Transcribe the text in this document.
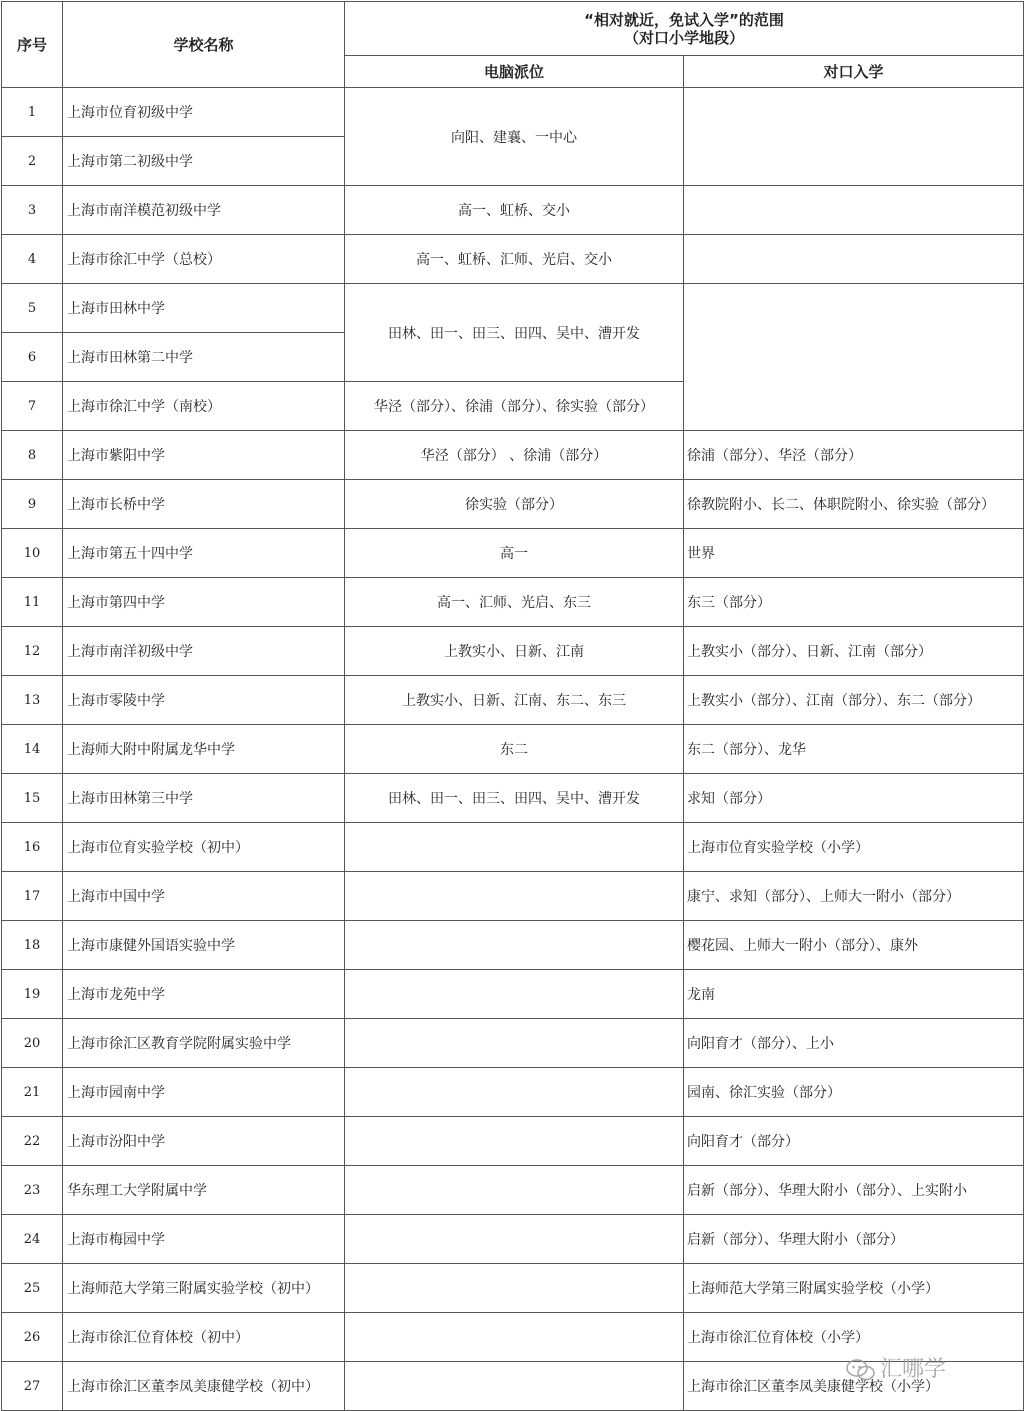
序号	学校名称	“相对就近，免试入学”的范围
（对口小学地段）	

		电脑派位	对口入学
1	上海市位育初级中学	向阳、建襄、一中心	
2	上海市第二初级中学		
3	上海市南洋模范初级中学	高一、虹桥、交小	
4	上海市徐汇中学（总校）	高一、虹桥、汇师、光启、交小	
5	上海市田林中学	田林、田一、田三、田四、吴中、漕开发	
6	上海市田林第二中学		
7	上海市徐汇中学（南校）	华泾（部分）、徐浦（部分）、徐实验（部分）	
8	上海市紫阳中学	华泾（部分） 、徐浦（部分）	徐浦（部分）、华泾（部分）
9	上海市长桥中学	徐实验（部分）	徐教院附小、长二、体职院附小、徐实验（部分）
10	上海市第五十四中学	高一	世界
11	上海市第四中学	高一、汇师、光启、东三	东三（部分）
12	上海市南洋初级中学	上教实小、日新、江南	上教实小（部分）、日新、江南（部分）
13	上海市零陵中学	上教实小、日新、江南、东二、东三	上教实小（部分）、江南（部分）、东二（部分）
14	上海师大附中附属龙华中学	东二	东二（部分）、龙华
15	上海市田林第三中学	田林、田一、田三、田四、吴中、漕开发	求知（部分）
16	上海市位育实验学校（初中）		上海市位育实验学校（小学）
17	上海市中国中学		康宁、求知（部分）、上师大一附小（部分）
18	上海市康健外国语实验中学		樱花园、上师大一附小（部分）、康外
19	上海市龙苑中学		龙南
20	上海市徐汇区教育学院附属实验中学		向阳育才（部分）、上小
21	上海市园南中学		园南、徐汇实验（部分）
22	上海市汾阳中学		向阳育才（部分）
23	华东理工大学附属中学		启新（部分）、华理大附小（部分）、上实附小
24	上海市梅园中学		启新（部分）、华理大附小（部分）
25	上海师范大学第三附属实验学校（初中）		上海师范大学第三附属实验学校（小学）
26	上海市徐汇位育体校（初中）		上海市徐汇位育体校（小学）
27	上海市徐汇区董李凤美康健学校（初中）		上海市徐汇区董李凤美康健学校（小学）
汇哪学
